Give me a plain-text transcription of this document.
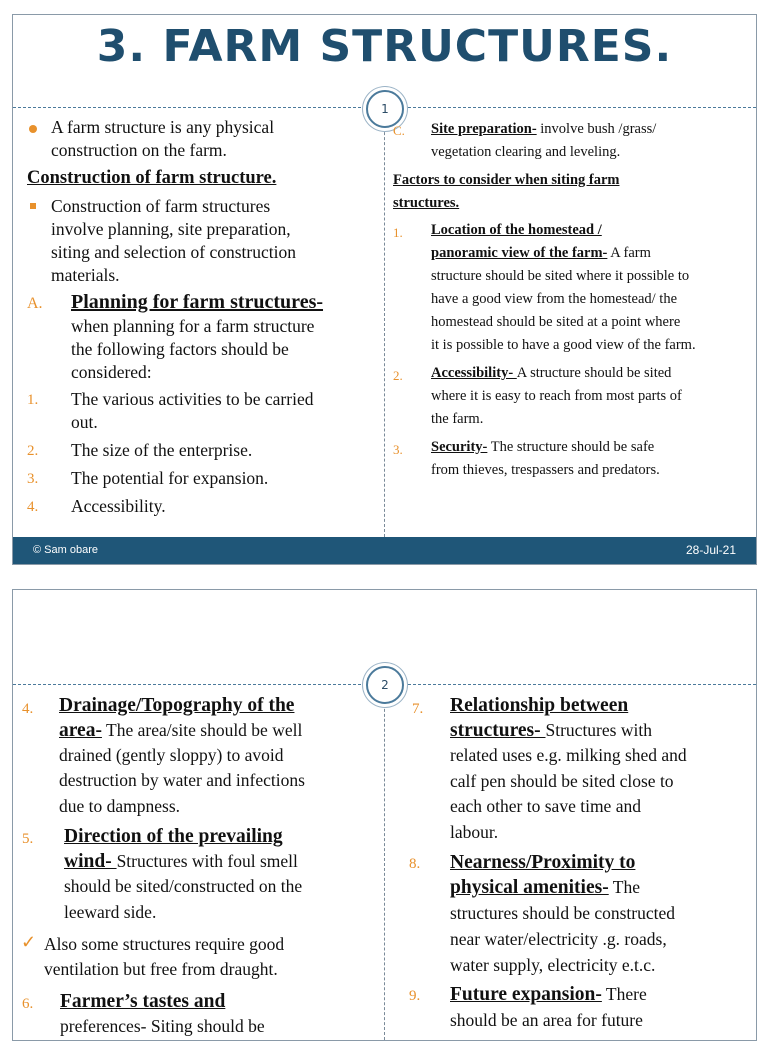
3. FARM STRUCTURES.
1
A farm structure is any physical
construction on the farm.
Construction of farm structure.
Construction of farm structures
involve planning, site preparation,
siting and selection of construction
materials.
A. Planning for farm structures-
when planning for a farm structure
the following factors should be
considered:
1. The various activities to be carried
out.
2. The size of the enterprise.
3. The potential for expansion.
4. Accessibility.
C. Site preparation- involve bush /grass/
vegetation clearing and leveling.
Factors to consider when siting farm
structures.
1. Location of the homestead /
panoramic view of the farm- A farm
structure should be sited where it possible to
have a good view from the homestead/ the
homestead should be sited at a point where
it is possible to have a good view of the farm.
2. Accessibility- A structure should be sited
where it is easy to reach from most parts of
the farm.
3. Security- The structure should be safe
from thieves, trespassers and predators.
© Sam obare	28-Jul-21
2
4. Drainage/Topography of the
area- The area/site should be well
drained (gently sloppy) to avoid
destruction by water and infections
due to dampness.
5. Direction of the prevailing
wind- Structures with foul smell
should be sited/constructed on the
leeward side.
✓ Also some structures require good
ventilation but free from draught.
6. Farmer’s tastes and
preferences- Siting should be
7. Relationship between
structures- Structures with
related uses e.g. milking shed and
calf pen should be sited close to
each other to save time and
labour.
8. Nearness/Proximity to
physical amenities- The
structures should be constructed
near water/electricity .g. roads,
water supply, electricity e.t.c.
9. Future expansion- There
should be an area for future
